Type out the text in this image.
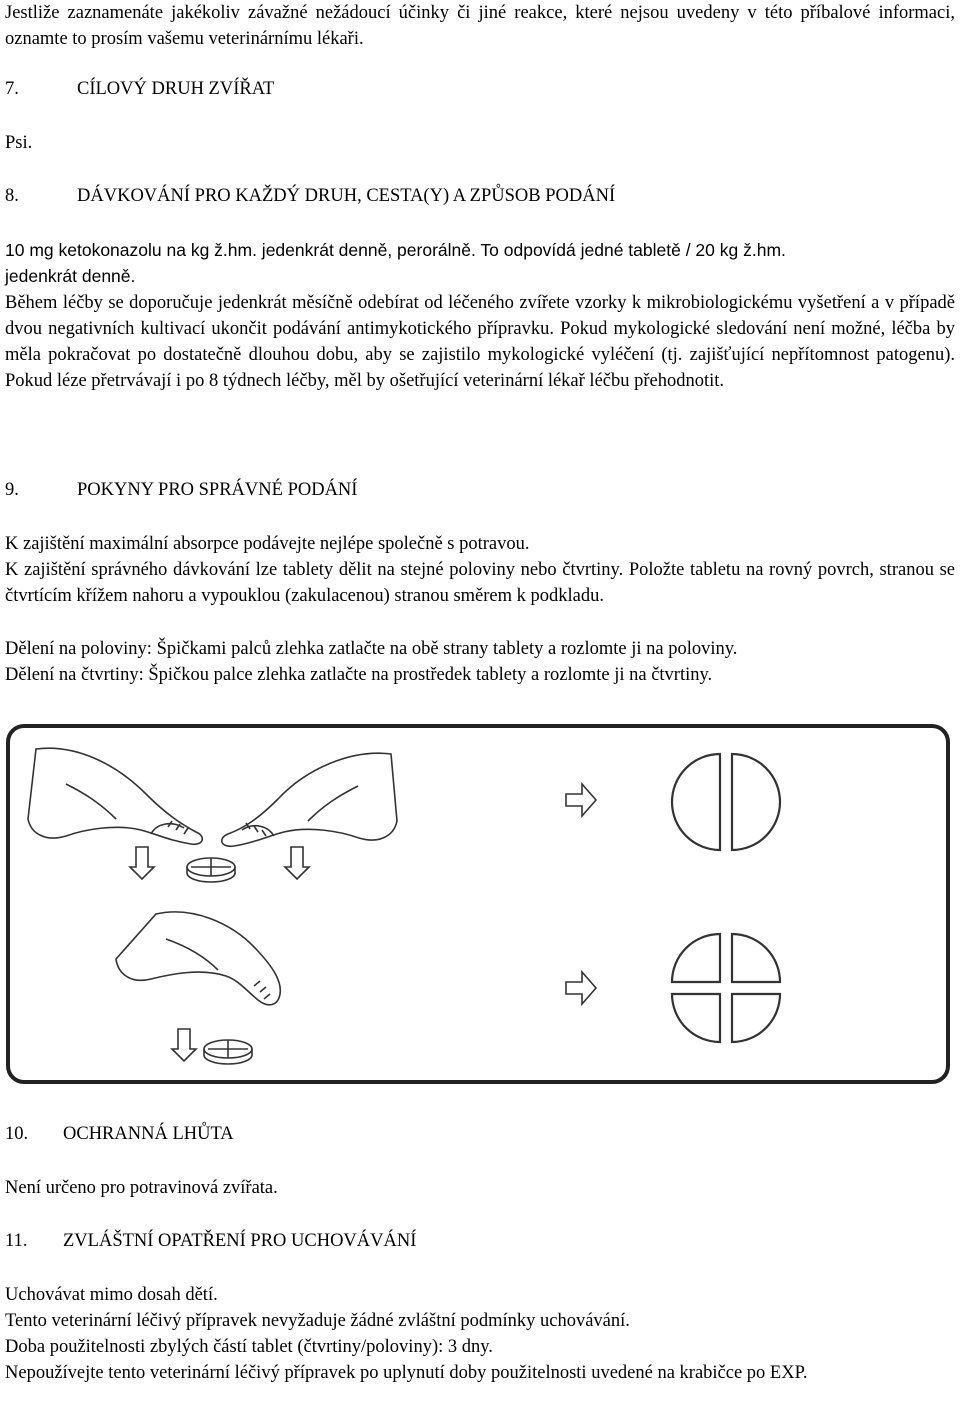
Jestliže zaznamenáte jakékoliv závažné nežádoucí účinky či jiné reakce, které nejsou uvedeny v této příbalové informaci, oznamte to prosím vašemu veterinárnímu lékaři.

7.	CÍLOVÝ DRUH ZVÍŘAT

Psi.

8.	DÁVKOVÁNÍ PRO KAŽDÝ DRUH, CESTA(Y) A ZPŮSOB PODÁNÍ

10 mg ketokonazolu na kg ž.hm. jedenkrát denně, perorálně. To odpovídá jedné tabletě / 20 kg ž.hm.

jedenkrát denně.

Během léčby se doporučuje jedenkrát měsíčně odebírat od léčeného zvířete vzorky k mikrobiologickému vyšetření a v případě dvou negativních kultivací ukončit podávání antimykotického přípravku. Pokud mykologické sledování není možné, léčba by měla pokračovat po dostatečně dlouhou dobu, aby se zajistilo mykologické vyléčení (tj. zajišťující nepřítomnost patogenu). Pokud léze přetrvávají i po 8 týdnech léčby, měl by ošetřující veterinární lékař léčbu přehodnotit.

9.	POKYNY PRO SPRÁVNÉ PODÁNÍ

K zajištění maximální absorpce podávejte nejlépe společně s potravou.

K zajištění správného dávkování lze tablety dělit na stejné poloviny nebo čtvrtiny. Položte tabletu na rovný povrch, stranou se čtvrtícím křížem nahoru a vypouklou (zakulacenou) stranou směrem k podkladu.

Dělení na poloviny: Špičkami palců zlehka zatlačte na obě strany tablety a rozlomte ji na poloviny.

Dělení na čtvrtiny: Špičkou palce zlehka zatlačte na prostředek tablety a rozlomte ji na čtvrtiny.

10.	OCHRANNÁ LHŮTA

Není určeno pro potravinová zvířata.

11.	ZVLÁŠTNÍ OPATŘENÍ PRO UCHOVÁVÁNÍ

Uchovávat mimo dosah dětí.

Tento veterinární léčivý přípravek nevyžaduje žádné zvláštní podmínky uchovávání.

Doba použitelnosti zbylých částí tablet (čtvrtiny/poloviny): 3 dny.

Nepoužívejte tento veterinární léčivý přípravek po uplynutí doby použitelnosti uvedené na krabičce po EXP.
